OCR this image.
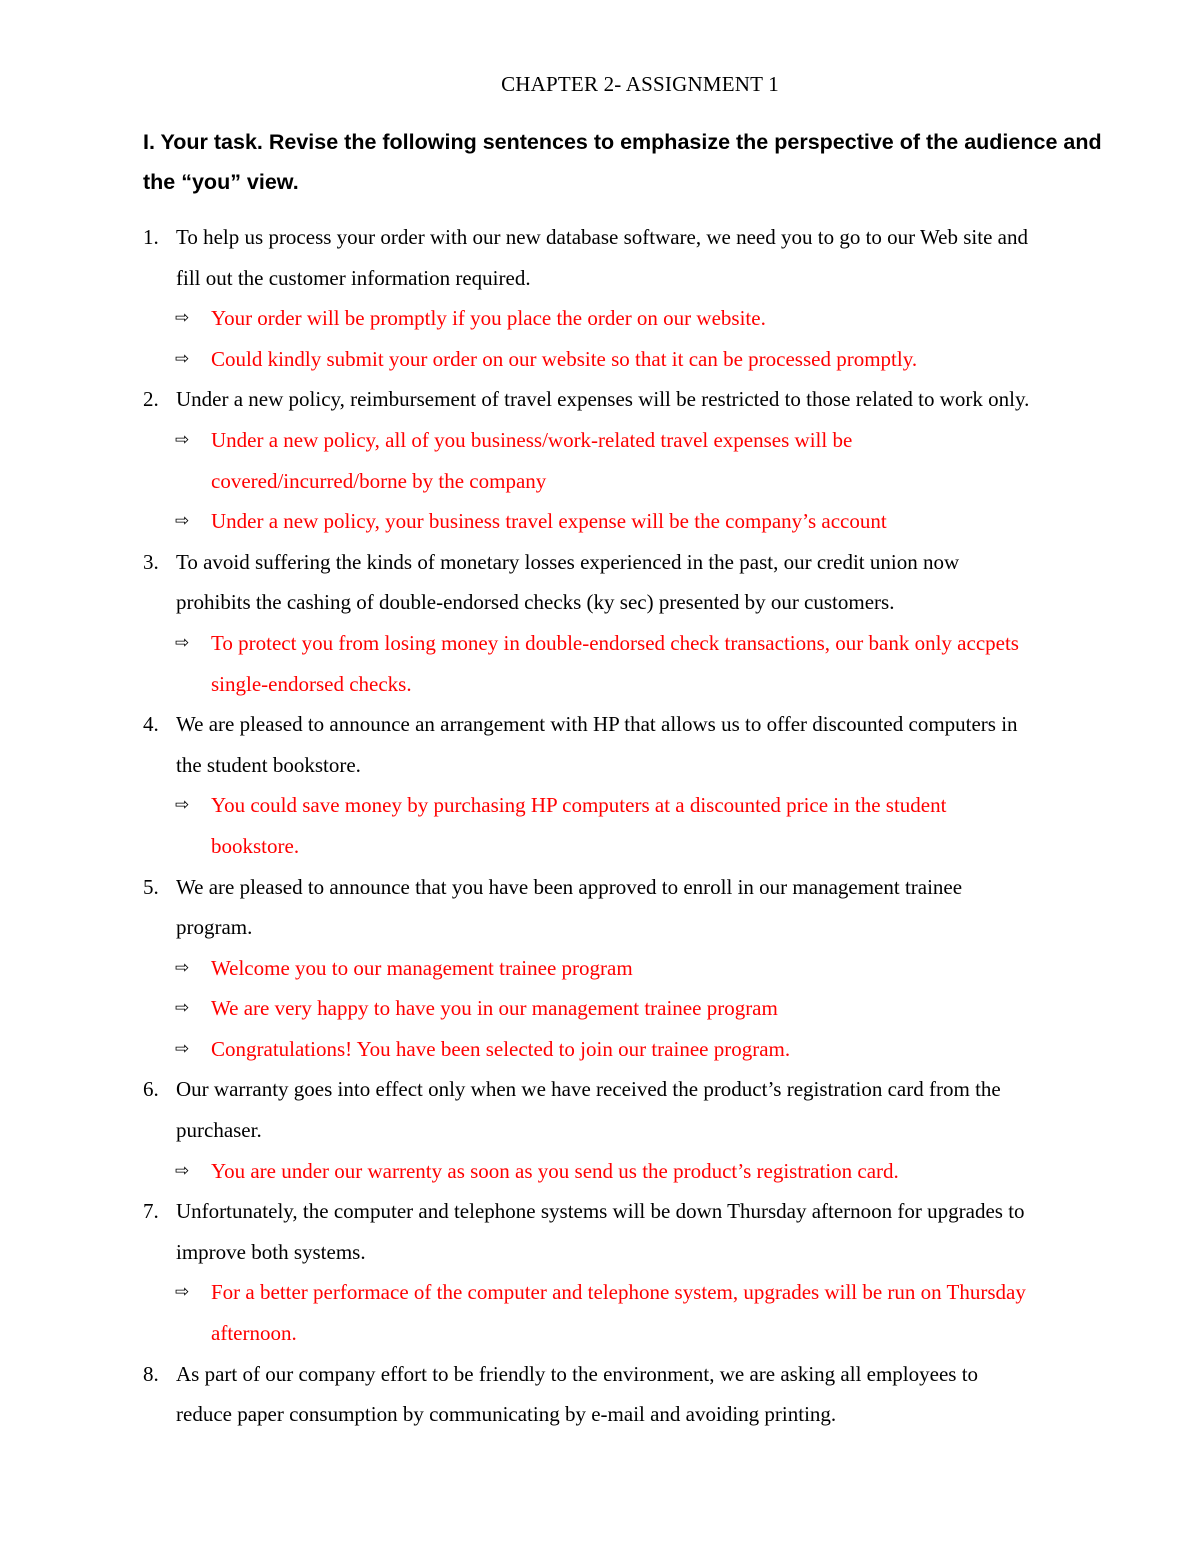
CHAPTER 2- ASSIGNMENT 1
I. Your task. Revise the following sentences to emphasize the perspective of the audience and the “you” view.
1. To help us process your order with our new database software, we need you to go to our Web site and
fill out the customer information required.
⇨ Your order will be promptly if you place the order on our website.
⇨ Could kindly submit your order on our website so that it can be processed promptly.
2. Under a new policy, reimbursement of travel expenses will be restricted to those related to work only.
⇨ Under a new policy, all of you business/work-related travel expenses will be
covered/incurred/borne by the company
⇨ Under a new policy, your business travel expense will be the company’s account
3. To avoid suffering the kinds of monetary losses experienced in the past, our credit union now
prohibits the cashing of double-endorsed checks (ky sec) presented by our customers.
⇨ To protect you from losing money in double-endorsed check transactions, our bank only accpets
single-endorsed checks.
4. We are pleased to announce an arrangement with HP that allows us to offer discounted computers in
the student bookstore.
⇨ You could save money by purchasing HP computers at a discounted price in the student
bookstore.
5. We are pleased to announce that you have been approved to enroll in our management trainee
program.
⇨ Welcome you to our management trainee program
⇨ We are very happy to have you in our management trainee program
⇨ Congratulations! You have been selected to join our trainee program.
6. Our warranty goes into effect only when we have received the product’s registration card from the
purchaser.
⇨ You are under our warrenty as soon as you send us the product’s registration card.
7. Unfortunately, the computer and telephone systems will be down Thursday afternoon for upgrades to
improve both systems.
⇨ For a better performace of the computer and telephone system, upgrades will be run on Thursday
afternoon.
8. As part of our company effort to be friendly to the environment, we are asking all employees to
reduce paper consumption by communicating by e-mail and avoiding printing.
